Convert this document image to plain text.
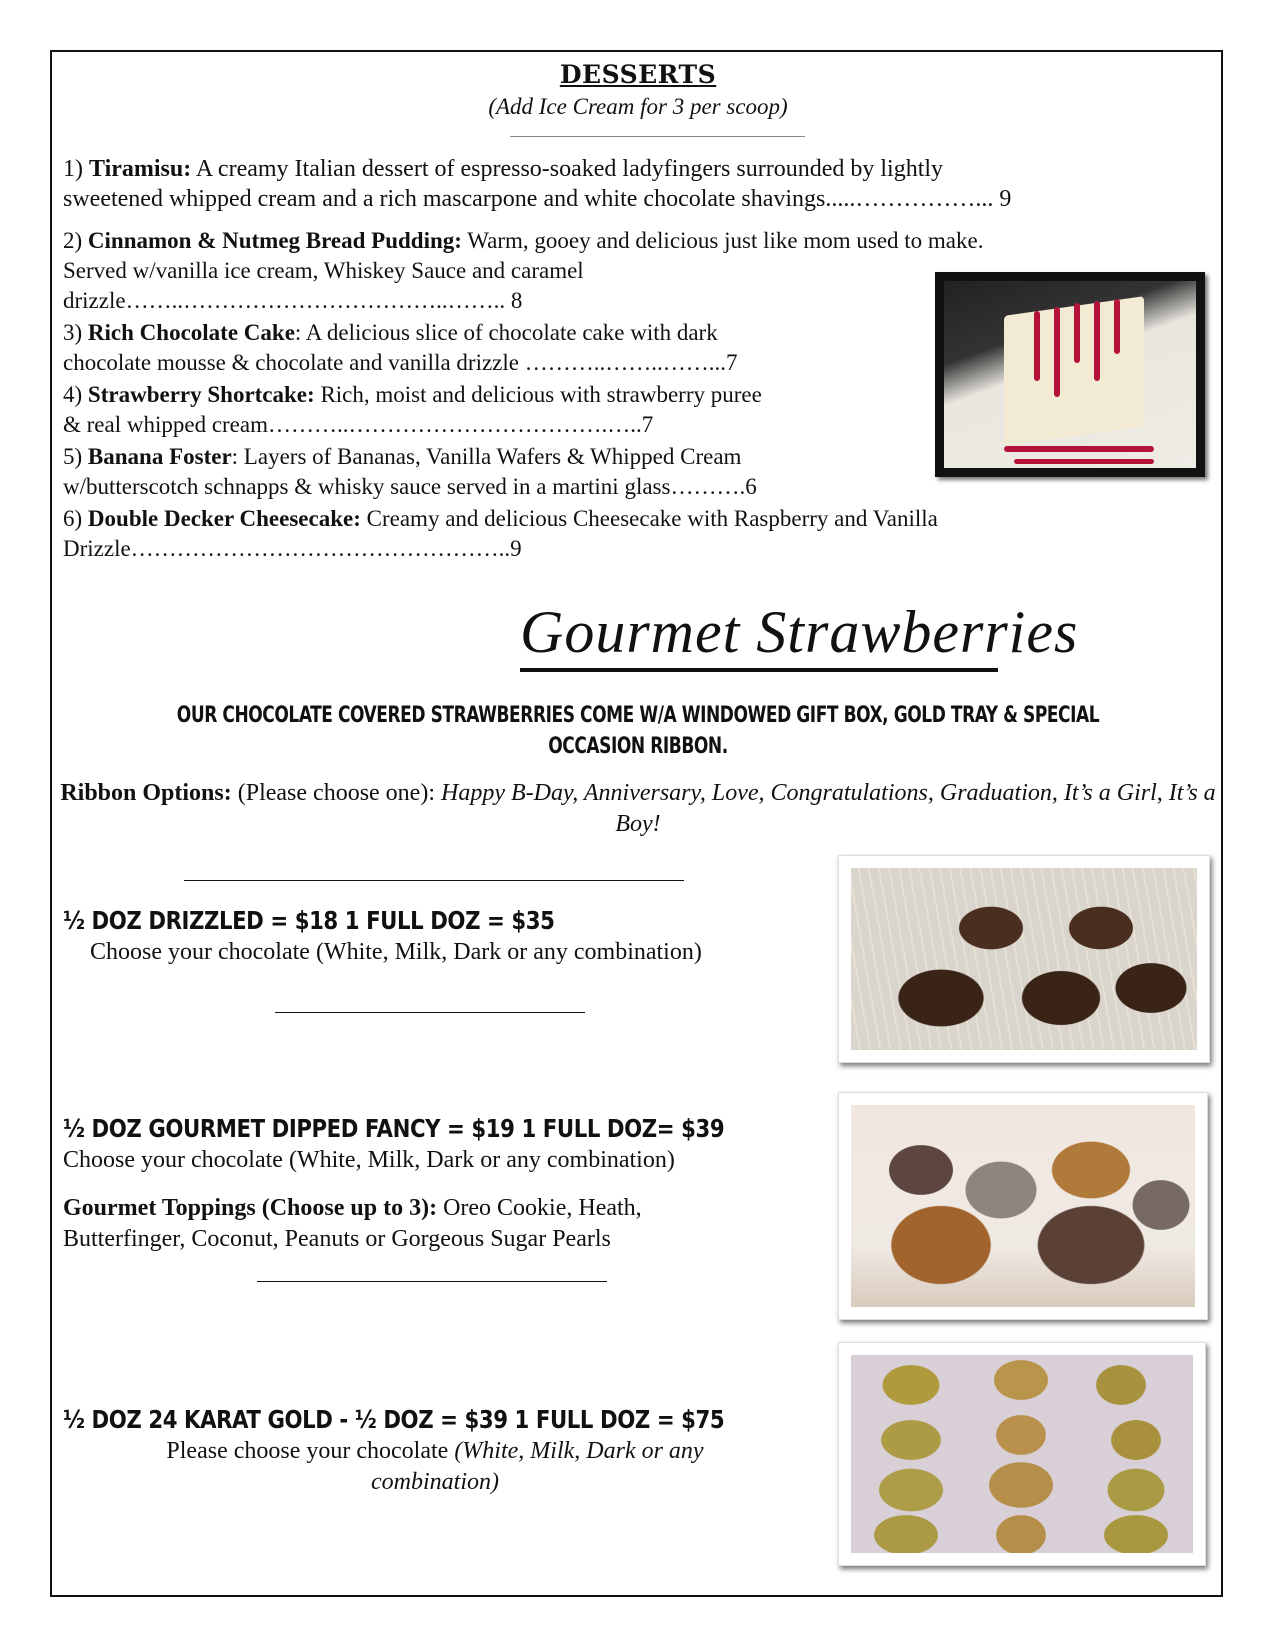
DESSERTS
(Add Ice Cream for 3 per scoop)
1) Tiramisu: A creamy Italian dessert of espresso-soaked ladyfingers surrounded by lightly
sweetened whipped cream and a rich mascarpone and white chocolate shavings.....……………... 9
2) Cinnamon & Nutmeg Bread Pudding: Warm, gooey and delicious just like mom used to make.
Served w/vanilla ice cream, Whiskey Sauce and caramel
drizzle……..……………………………..…….. 8
3) Rich Chocolate Cake: A delicious slice of chocolate cake with dark
chocolate mousse & chocolate and vanilla drizzle ………..……..……...7
4) Strawberry Shortcake: Rich, moist and delicious with strawberry puree
& real whipped cream………..…………………………….…..7
5) Banana Foster: Layers of Bananas, Vanilla Wafers & Whipped Cream
w/butterscotch schnapps & whisky sauce served in a martini glass……….6
6) Double Decker Cheesecake: Creamy and delicious Cheesecake with Raspberry and Vanilla
Drizzle…………………………………………..9
Gourmet Strawberries
OUR CHOCOLATE COVERED STRAWBERRIES COME W/A WINDOWED GIFT BOX, GOLD TRAY & SPECIAL OCCASION RIBBON.
Ribbon Options: (Please choose one): Happy B-Day, Anniversary, Love, Congratulations, Graduation, It’s a Girl, It’s a Boy!
½ DOZ DRIZZLED = $18 1 FULL DOZ = $35
Choose your chocolate (White, Milk, Dark or any combination)
½ DOZ GOURMET DIPPED FANCY = $19 1 FULL DOZ= $39
Choose your chocolate (White, Milk, Dark or any combination)
Gourmet Toppings (Choose up to 3): Oreo Cookie, Heath, Butterfinger, Coconut, Peanuts or Gorgeous Sugar Pearls
½ DOZ 24 KARAT GOLD - ½ DOZ = $39 1 FULL DOZ = $75
Please choose your chocolate (White, Milk, Dark or any combination)
